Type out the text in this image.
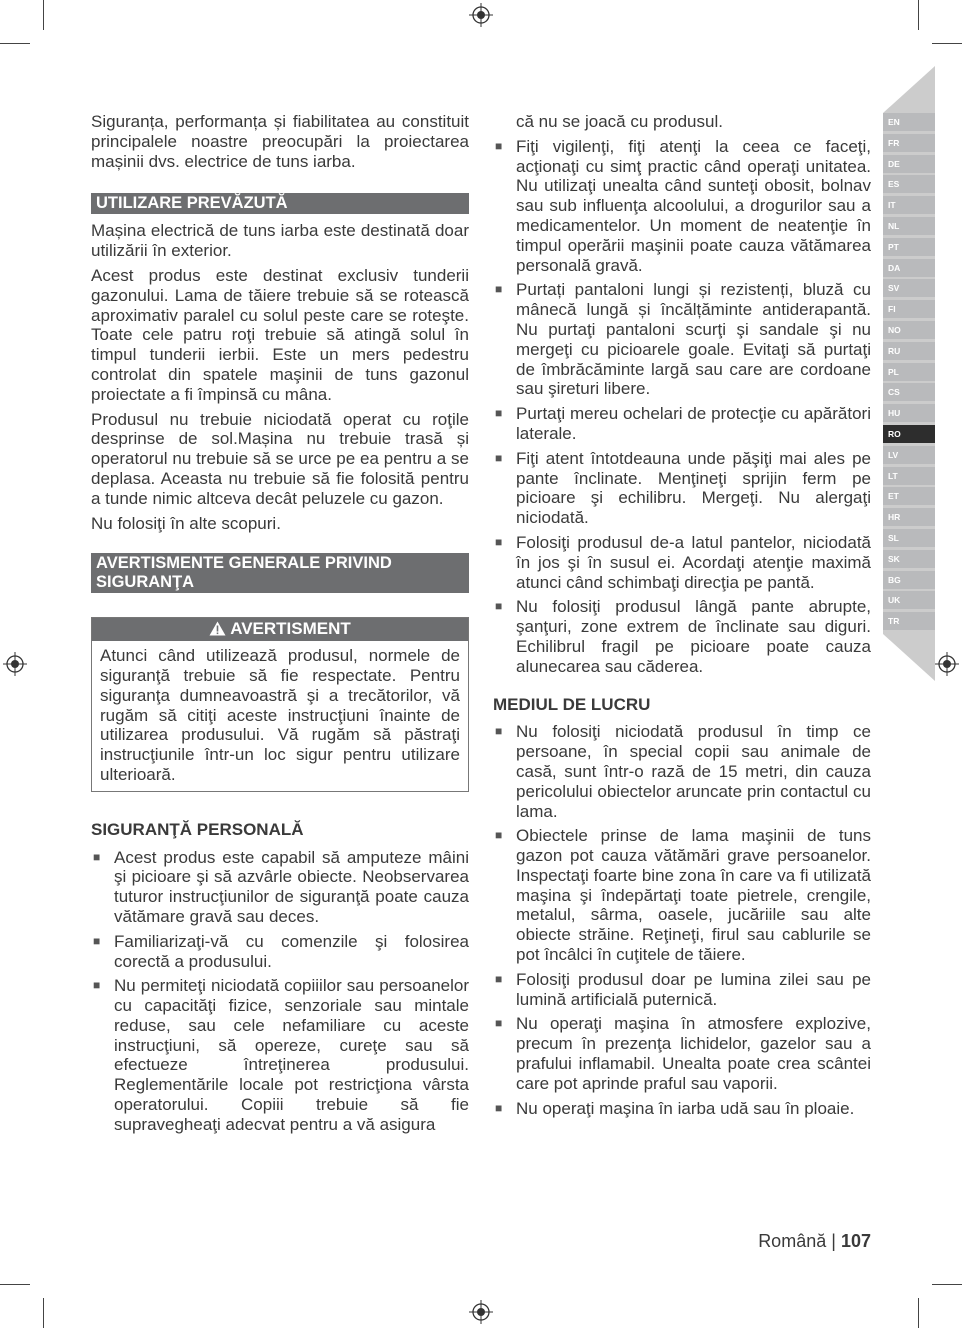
Siguranța, performanța și fiabilitatea au constituit principalele noastre preocupări la proiectarea mașinii dvs. electrice de tuns iarba.

UTILIZARE PREVĂZUTĂ

Mașina electrică de tuns iarba este destinată doar utilizării în exterior.

Acest produs este destinat exclusiv tunderii gazonului. Lama de tăiere trebuie să se rotească aproximativ paralel cu solul peste care se roteşte. Toate cele patru roţi trebuie să atingă solul în timpul tunderii ierbii. Este un mers pedestru controlat din spatele maşinii de tuns gazonul proiectate a fi împinsă cu mâna.

Produsul nu trebuie niciodată operat cu roţile desprinse de sol.Mașina nu trebuie trasă și operatorul nu trebuie să se urce pe ea pentru a se deplasa. Aceasta nu trebuie să fie folosită pentru a tunde nimic altceva decât peluzele cu gazon.

Nu folosiţi în alte scopuri.

AVERTISMENTE GENERALE PRIVIND SIGURANŢA
AVERTISMENT

Atunci când utilizează produsul, normele de siguranţă trebuie să fie respectate. Pentru siguranţa dumneavoastră şi a trecătorilor, vă rugăm să citiţi aceste instrucţiuni înainte de utilizarea produsului. Vă rugăm să păstraţi instrucţiunile într-un loc sigur pentru utilizare ulterioară.

SIGURANŢĂ PERSONALĂ
■ Acest produs este capabil să amputeze mâini şi picioare şi să azvârle obiecte. Neobservarea tuturor instrucţiunilor de siguranţă poate cauza vătămare gravă sau deces.
■ Familiarizaţi-vă cu comenzile şi folosirea corectă a produsului.
■ Nu permiteţi niciodată copiiilor sau persoanelor cu capacităţi fizice, senzoriale sau mintale reduse, sau cele nefamiliare cu aceste instrucţiuni, să opereze, cureţe sau să efectueze întreţinerea produsului. Reglementările locale pot restricţiona vârsta operatorului. Copiii trebuie să fie supravegheaţi adecvat pentru a vă asigura
că nu se joacă cu produsul.
■ Fiţi vigilenţi, fiţi atenţi la ceea ce faceţi, acţionaţi cu simţ practic când operaţi unitatea. Nu utilizaţi unealta când sunteţi obosit, bolnav sau sub influenţa alcoolului, a drogurilor sau a medicamentelor. Un moment de neatenţie în timpul operării maşinii poate cauza vătămarea personală gravă.
■ Purtați pantaloni lungi și rezistenți, bluză cu mânecă lungă și încălțăminte antiderapantă. Nu purtaţi pantaloni scurţi şi sandale şi nu mergeţi cu picioarele goale. Evitaţi să purtaţi de îmbrăcăminte largă sau care are cordoane sau şireturi libere.
■ Purtaţi mereu ochelari de protecţie cu apărători laterale.
■ Fiţi atent întotdeauna unde păşiţi mai ales pe pante înclinate. Menţineţi sprijin ferm pe picioare şi echilibru. Mergeţi. Nu alergaţi niciodată.
■ Folosiţi produsul de-a latul pantelor, niciodată în jos şi în susul ei. Acordaţi atenţie maximă atunci când schimbaţi direcţia pe pantă.
■ Nu folosiţi produsul lângă pante abrupte, şanţuri, zone extrem de înclinate sau diguri. Echilibrul fragil pe picioare poate cauza alunecarea sau căderea.
MEDIUL DE LUCRU
■ Nu folosiţi niciodată produsul în timp ce persoane, în special copii sau animale de casă, sunt într-o rază de 15 metri, din cauza pericolului obiectelor aruncate prin contactul cu lama.
■ Obiectele prinse de lama maşinii de tuns gazon pot cauza vătămări grave persoanelor. Inspectaţi foarte bine zona în care va fi utilizată maşina şi îndepărtaţi toate pietrele, crengile, metalul, sârma, oasele, jucăriile sau alte obiecte străine. Reţineţi, firul sau cablurile se pot încâlci în cuţitele de tăiere.
■ Folosiţi produsul doar pe lumina zilei sau pe lumină artificială puternică.
■ Nu operaţi maşina în atmosfere explozive, precum în prezenţa lichidelor, gazelor sau a prafului inflamabil. Unealta poate crea scântei care pot aprinde praful sau vaporii.
■ Nu operaţi maşina în iarba udă sau în ploaie.
EN
FR
DE
ES
IT
NL
PT
DA
SV
FI
NO
RU
PL
CS
HU
RO
LV
LT
ET
HR
SL
SK
BG
UK
TR
Română | 107
